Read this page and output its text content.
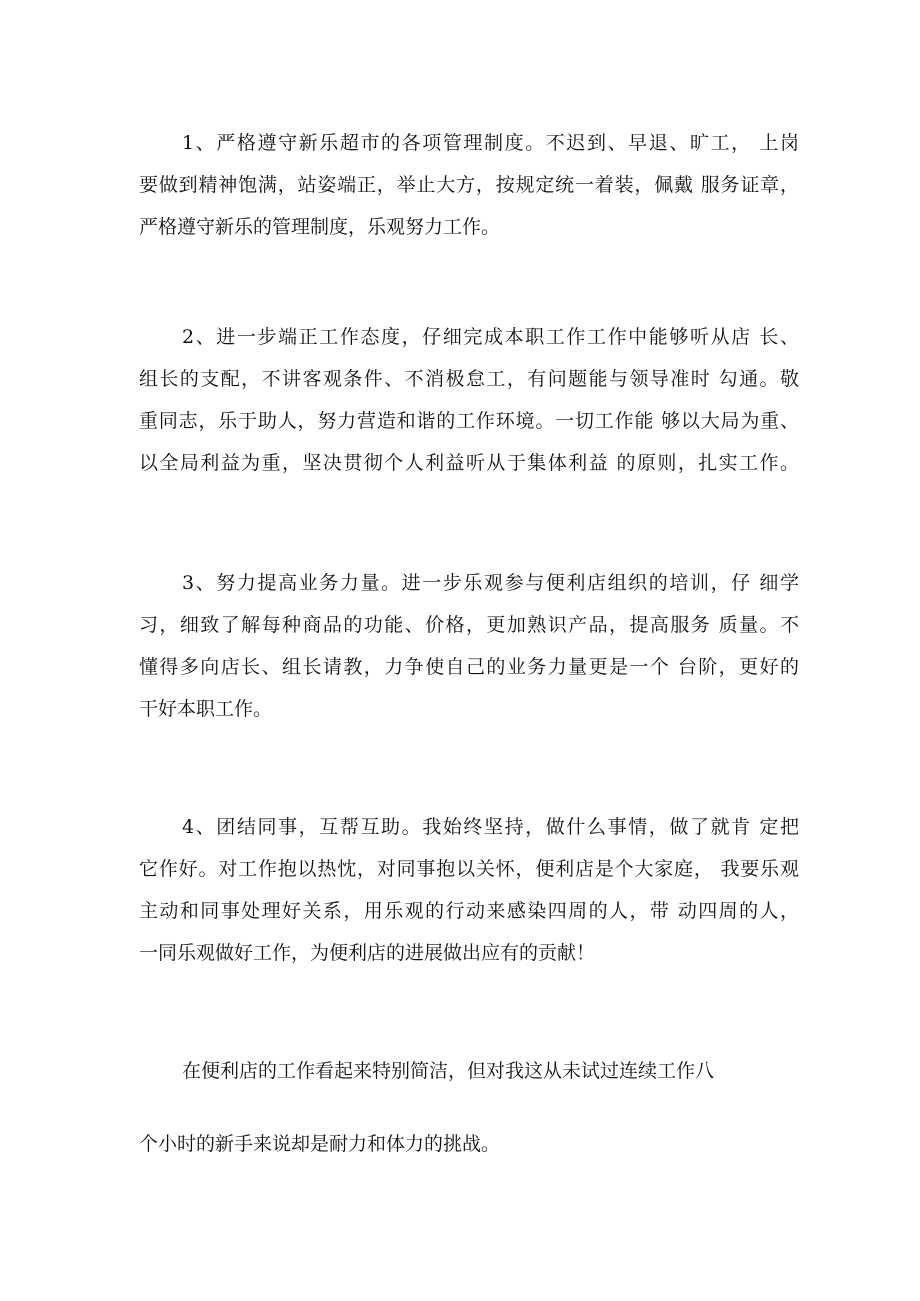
1、严格遵守新乐超市的各项管理制度。不迟到、早退、旷工， 上岗
要做到精神饱满，站姿端正，举止大方，按规定统一着装，佩戴 服务证章，
严格遵守新乐的管理制度，乐观努力工作。
2、进一步端正工作态度，仔细完成本职工作工作中能够听从店 长、
组长的支配，不讲客观条件、不消极怠工，有问题能与领导准时 勾通。敬
重同志，乐于助人，努力营造和谐的工作环境。一切工作能 够以大局为重、
以全局利益为重，坚决贯彻个人利益听从于集体利益 的原则，扎实工作。
3、努力提高业务力量。进一步乐观参与便利店组织的培训，仔 细学
习，细致了解每种商品的功能、价格，更加熟识产品，提高服务 质量。不
懂得多向店长、组长请教，力争使自己的业务力量更是一个 台阶，更好的
干好本职工作。
4、团结同事，互帮互助。我始终坚持，做什么事情，做了就肯 定把
它作好。对工作抱以热忱，对同事抱以关怀，便利店是个大家庭， 我要乐观
主动和同事处理好关系，用乐观的行动来感染四周的人，带 动四周的人，
一同乐观做好工作，为便利店的进展做出应有的贡献！
在便利店的工作看起来特别简洁，但对我这从未试过连续工作八
个小时的新手来说却是耐力和体力的挑战。
